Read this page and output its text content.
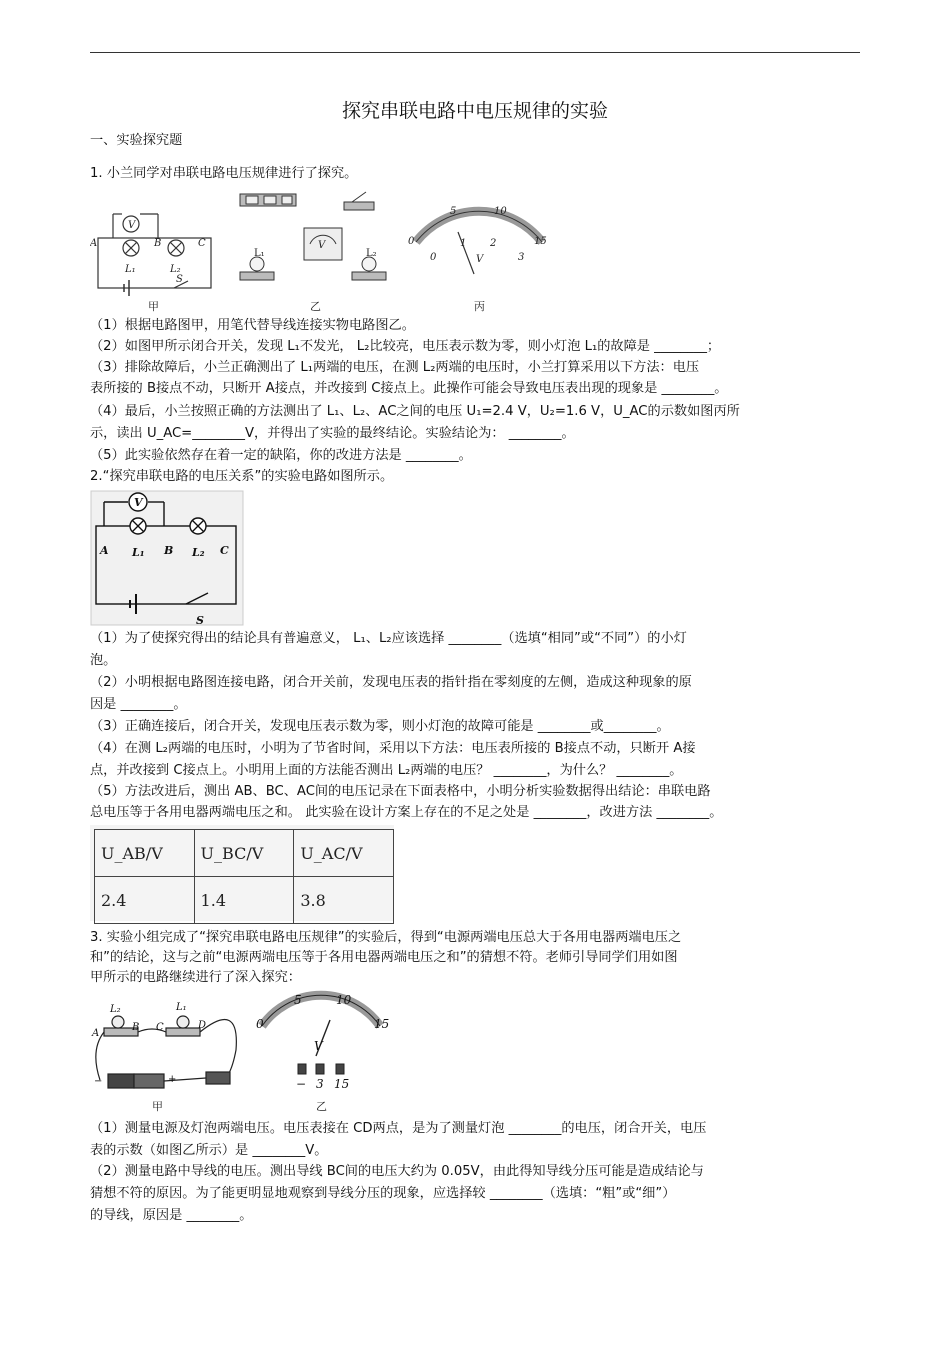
探究串联电路中电压规律的实验
一、实验探究题
1. 小兰同学对串联电路电压规律进行了探究。
V
A	B	C
L₁	L₂
S
甲
V
L₁	L₂
乙
0
5	10
15
0
1 2
3
V
丙
（1）根据电路图甲，用笔代替导线连接实物电路图乙。
（2）如图甲所示闭合开关，发现 L₁不发光， L₂比较亮，电压表示数为零，则小灯泡 L₁的故障是 ________；
（3）排除故障后，小兰正确测出了 L₁两端的电压，在测 L₂两端的电压时，小兰打算采用以下方法：电压
表所接的 B接点不动，只断开 A接点，并改接到 C接点上。此操作可能会导致电压表出现的现象是 ________。
（4）最后，小兰按照正确的方法测出了 L₁、L₂、AC之间的电压 U₁=2.4 V，U₂=1.6 V，U_AC的示数如图丙所
示，读出 U_AC=________V，并得出了实验的最终结论。实验结论为： ________。
（5）此实验依然存在着一定的缺陷，你的改进方法是 ________。
2.“探究串联电路的电压关系”的实验电路如图所示。
V
A L₁ B L₂ C
S
（1）为了使探究得出的结论具有普遍意义， L₁、L₂应该选择 ________（选填“相同”或“不同”）的小灯
泡。
（2）小明根据电路图连接电路，闭合开关前，发现电压表的指针指在零刻度的左侧，造成这种现象的原
因是 ________。
（3）正确连接后，闭合开关，发现电压表示数为零，则小灯泡的故障可能是 ________或________。
（4）在测 L₂两端的电压时，小明为了节省时间，采用以下方法：电压表所接的 B接点不动，只断开 A接
点，并改接到 C接点上。小明用上面的方法能否测出 L₂两端的电压？ ________，为什么？ ________。
（5）方法改进后，测出 AB、BC、AC间的电压记录在下面表格中，小明分析实验数据得出结论：串联电路
总电压等于各用电器两端电压之和。 此实验在设计方案上存在的不足之处是 ________，改进方法 ________。
U_AB/V	U_BC/V	U_AC/V
2.4	1.4	3.8
3. 实验小组完成了“探究串联电路电压规律”的实验后，得到“电源两端电压总大于各用电器两端电压之
和”的结论，这与之前“电源两端电压等于各用电器两端电压之和”的猜想不符。老师引导同学们用如图
甲所示的电路继续进行了深入探究：
L₂	L₁
A
B C	D
−	+
甲
0
5	10
15
V
− 3 15
乙
（1）测量电源及灯泡两端电压。电压表接在 CD两点，是为了测量灯泡 ________的电压，闭合开关，电压
表的示数（如图乙所示）是 ________V。
（2）测量电路中导线的电压。测出导线 BC间的电压大约为 0.05V，由此得知导线分压可能是造成结论与
猜想不符的原因。为了能更明显地观察到导线分压的现象，应选择较 ________（选填：“粗”或“细”）
的导线，原因是 ________。
